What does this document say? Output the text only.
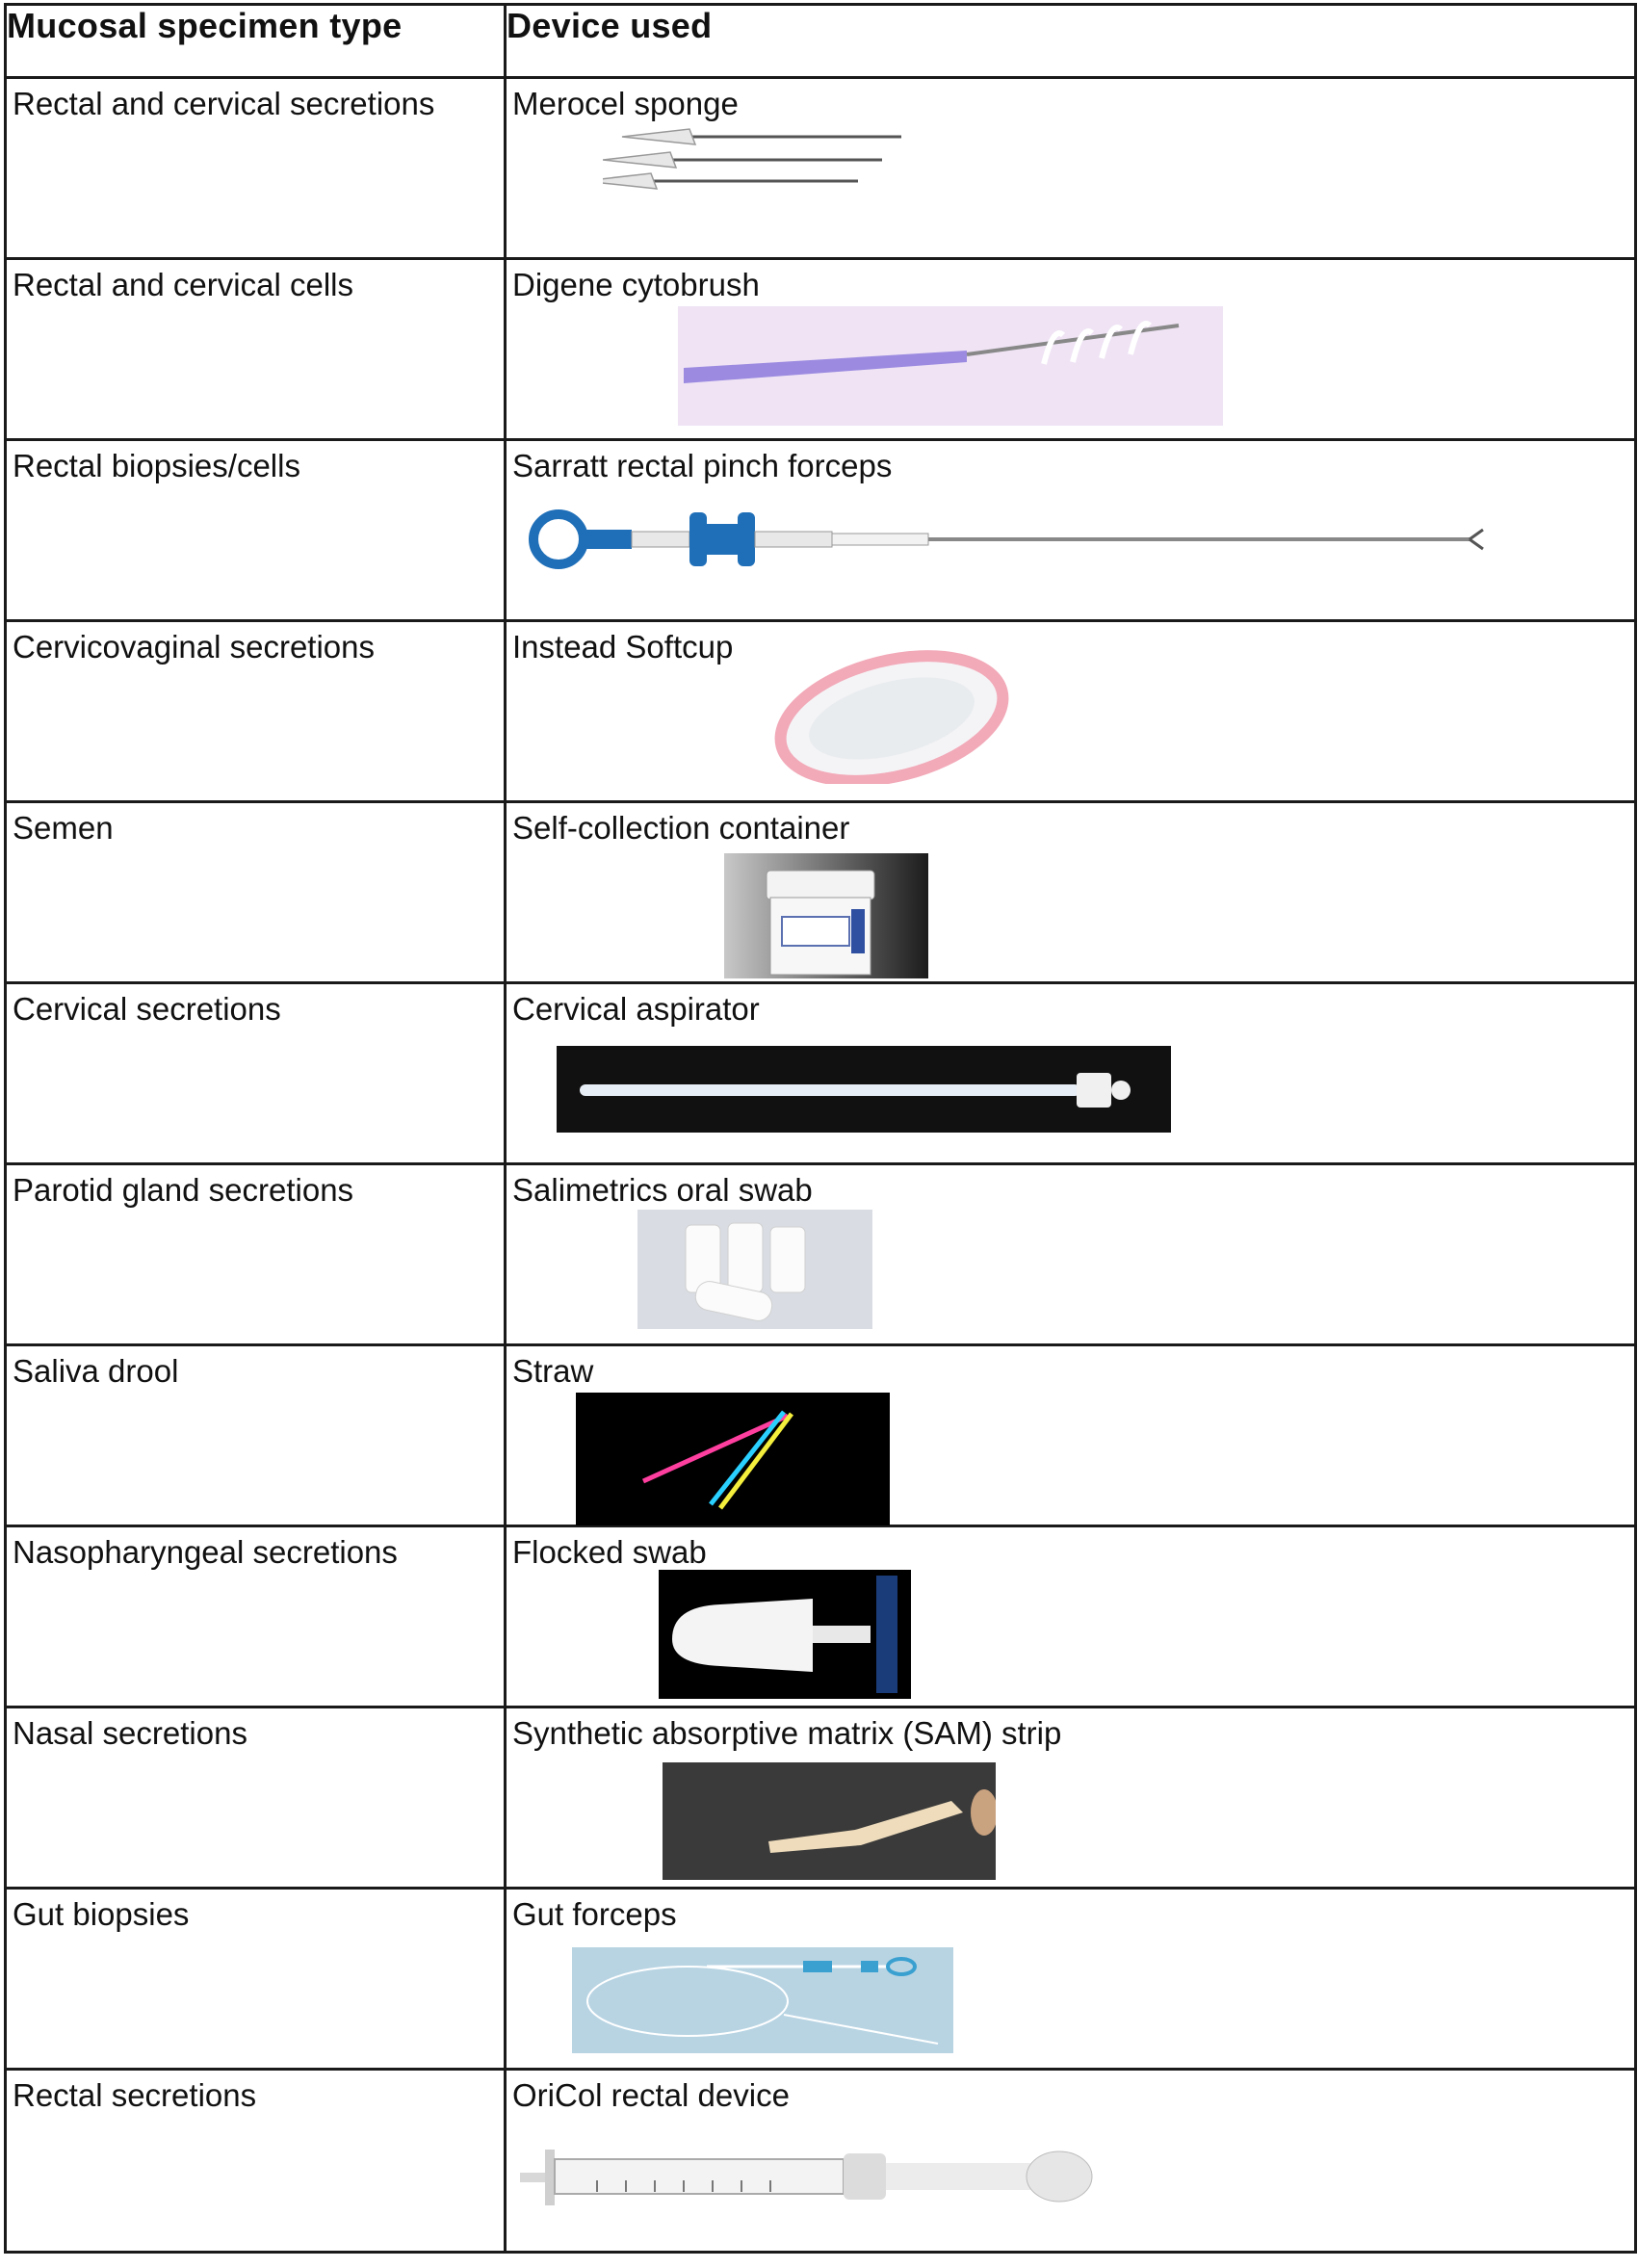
Mucosal specimen type	Device used

Rectal and cervical secretions	Merocel sponge

Rectal and cervical cells	Digene cytobrush

Rectal biopsies/cells	Sarratt rectal pinch forceps

Cervicovaginal secretions	Instead Softcup

Semen	Self-collection container

Cervical secretions	Cervical aspirator

Parotid gland secretions	Salimetrics oral swab

Saliva drool	Straw

Nasopharyngeal secretions	Flocked swab

Nasal secretions	Synthetic absorptive matrix (SAM) strip

Gut biopsies	Gut forceps

Rectal secretions	OriCol rectal device
